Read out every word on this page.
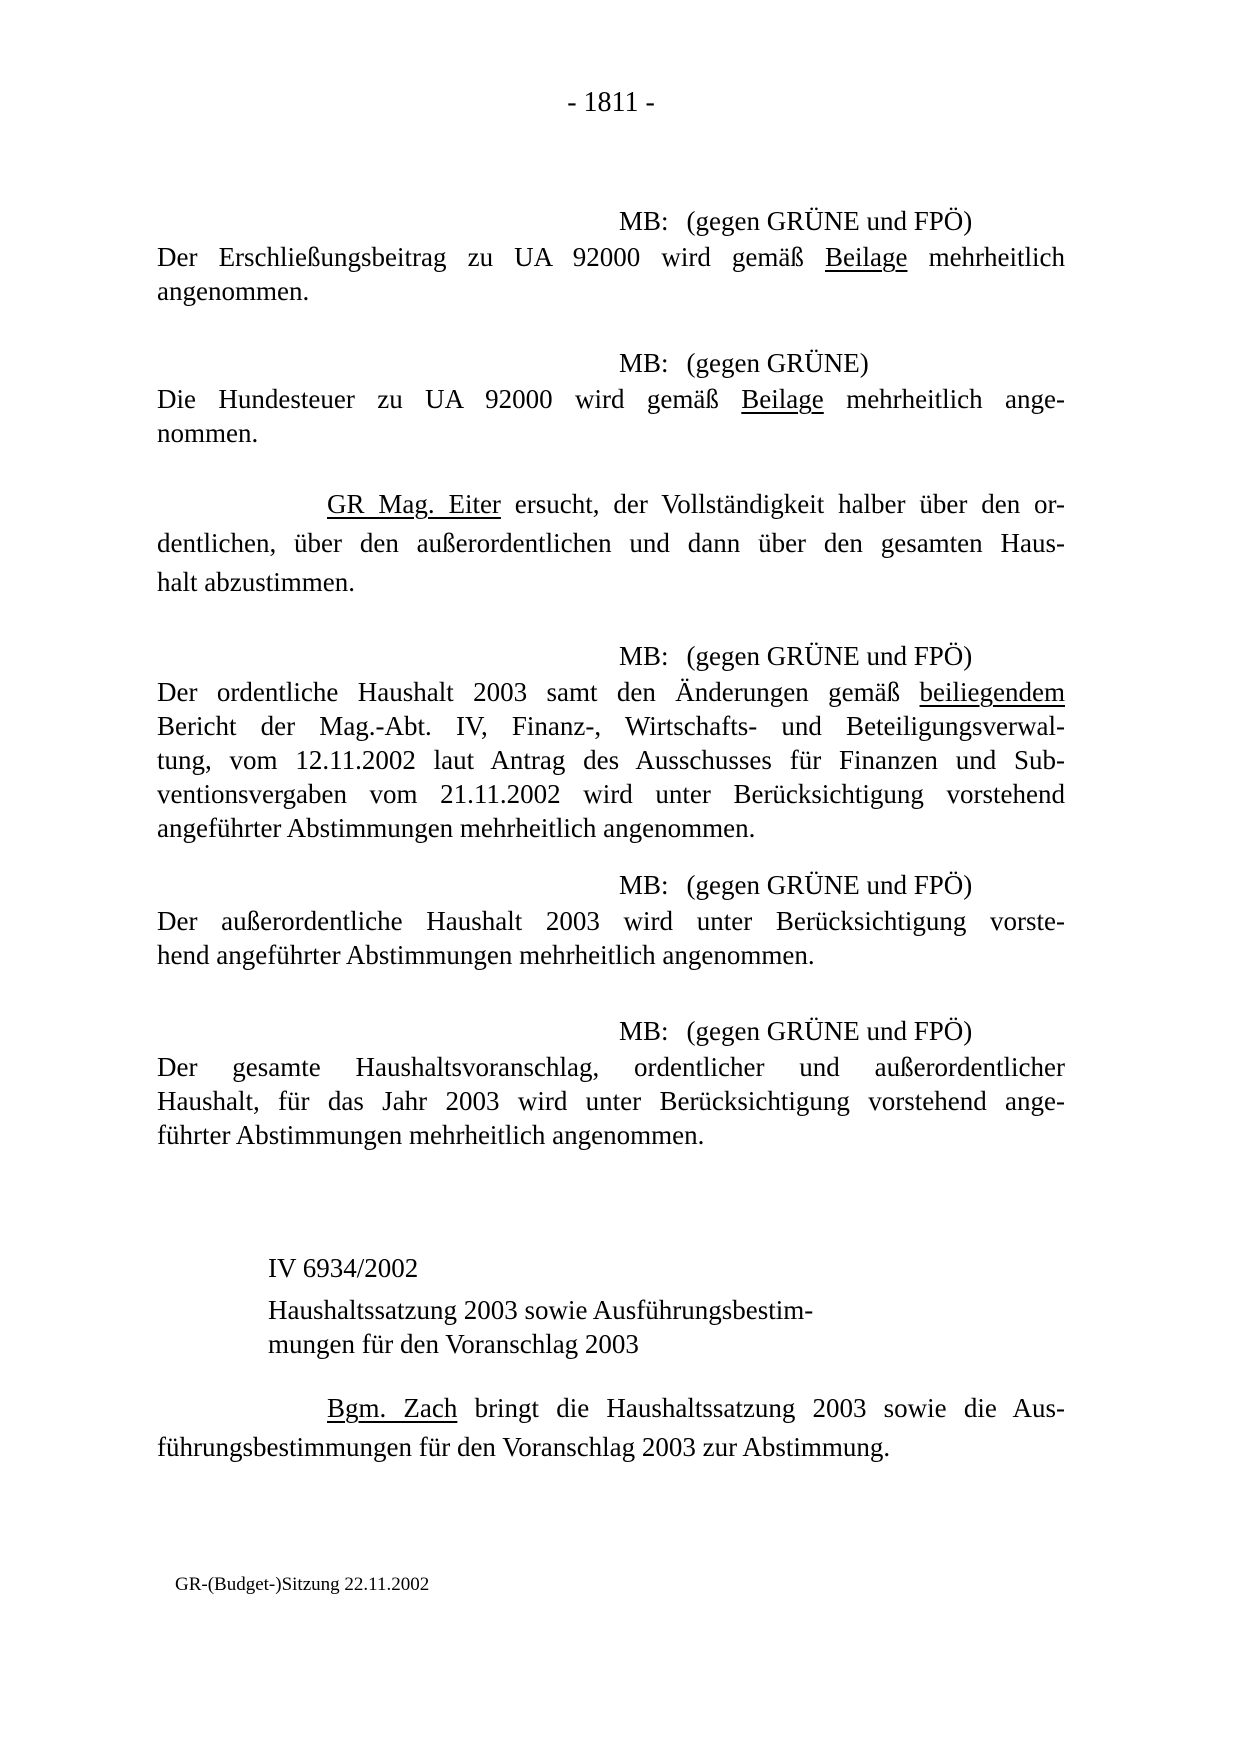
- 1811 -
MB: (gegen GRÜNE und FPÖ)
Der Erschließungsbeitrag zu UA 92000 wird gemäß Beilage mehrheitlich
angenommen.
MB: (gegen GRÜNE)
Die Hundesteuer zu UA 92000 wird gemäß Beilage mehrheitlich ange-
nommen.
GR Mag. Eiter ersucht, der Vollständigkeit halber über den or-
dentlichen, über den außerordentlichen und dann über den gesamten Haus-
halt abzustimmen.
MB: (gegen GRÜNE und FPÖ)
Der ordentliche Haushalt 2003 samt den Änderungen gemäß beiliegendem
Bericht der Mag.-Abt. IV, Finanz-, Wirtschafts- und Beteiligungsverwal-
tung, vom 12.11.2002 laut Antrag des Ausschusses für Finanzen und Sub-
ventionsvergaben vom 21.11.2002 wird unter Berücksichtigung vorstehend
angeführter Abstimmungen mehrheitlich angenommen.
MB: (gegen GRÜNE und FPÖ)
Der außerordentliche Haushalt 2003 wird unter Berücksichtigung vorste-
hend angeführter Abstimmungen mehrheitlich angenommen.
MB: (gegen GRÜNE und FPÖ)
Der gesamte Haushaltsvoranschlag, ordentlicher und außerordentlicher
Haushalt, für das Jahr 2003 wird unter Berücksichtigung vorstehend ange-
führter Abstimmungen mehrheitlich angenommen.
IV 6934/2002
Haushaltssatzung 2003 sowie Ausführungsbestim-
mungen für den Voranschlag 2003
Bgm. Zach bringt die Haushaltssatzung 2003 sowie die Aus-
führungsbestimmungen für den Voranschlag 2003 zur Abstimmung.
GR-(Budget-)Sitzung 22.11.2002
